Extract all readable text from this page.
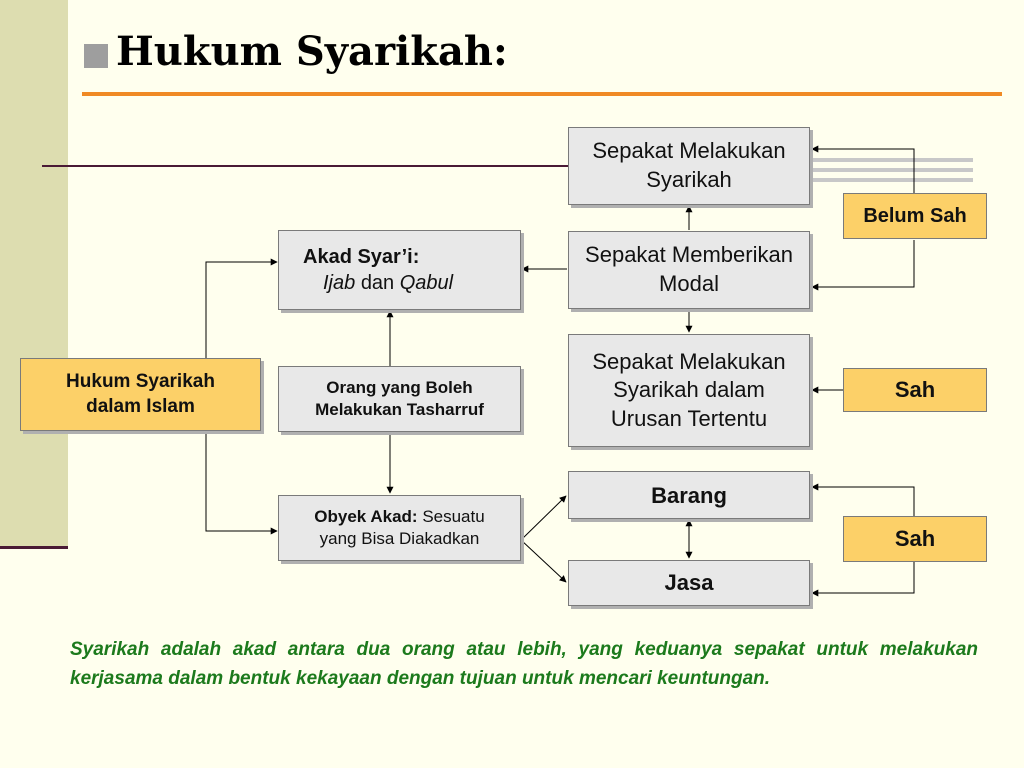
Hukum Syarikah:
Hukum Syarikah
dalam Islam
Akad Syar’i:
Ijab dan Qabul
Orang yang Boleh
Melakukan Tasharruf
Obyek Akad: Sesuatu
yang Bisa Diakadkan
Sepakat Melakukan
Syarikah
Sepakat Memberikan
Modal
Sepakat Melakukan
Syarikah dalam
Urusan Tertentu
Barang
Jasa
Belum Sah
Sah
Sah
Syarikah adalah akad antara dua orang atau lebih, yang keduanya sepakat untuk melakukan kerjasama dalam bentuk kekayaan dengan tujuan untuk mencari keuntungan.
